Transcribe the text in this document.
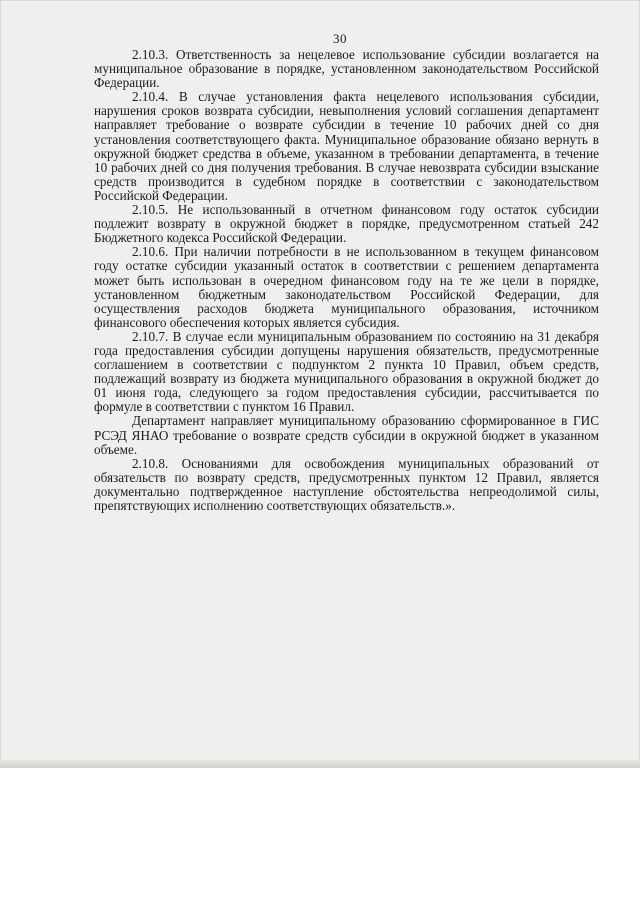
30

2.10.3. Ответственность за нецелевое использование субсидии возлагается на муниципальное образование в порядке, установленном законодательством Российской Федерации.

2.10.4. В случае установления факта нецелевого использования субсидии, нарушения сроков возврата субсидии, невыполнения условий соглашения департамент направляет требование о возврате субсидии в течение 10 рабочих дней со дня установления соответствующего факта. Муниципальное образование обязано вернуть в окружной бюджет средства в объеме, указанном в требовании департамента, в течение 10 рабочих дней со дня получения требования. В случае невозврата субсидии взыскание средств производится в судебном порядке в соответствии с законодательством Российской Федерации.

2.10.5. Не использованный в отчетном финансовом году остаток субсидии подлежит возврату в окружной бюджет в порядке, предусмотренном статьей 242 Бюджетного кодекса Российской Федерации.

2.10.6. При наличии потребности в не использованном в текущем финансовом году остатке субсидии указанный остаток в соответствии с решением департамента может быть использован в очередном финансовом году на те же цели в порядке, установленном бюджетным законодательством Российской Федерации, для осуществления расходов бюджета муниципального образования, источником финансового обеспечения которых является субсидия.

2.10.7. В случае если муниципальным образованием по состоянию на 31 декабря года предоставления субсидии допущены нарушения обязательств, предусмотренные соглашением в соответствии с подпунктом 2 пункта 10 Правил, объем средств, подлежащий возврату из бюджета муниципального образования в окружной бюджет до 01 июня года, следующего за годом предоставления субсидии, рассчитывается по формуле в соответствии с пунктом 16 Правил.

Департамент направляет муниципальному образованию сформированное в ГИС РСЭД ЯНАО требование о возврате средств субсидии в окружной бюджет в указанном объеме.

2.10.8. Основаниями для освобождения муниципальных образований от обязательств по возврату средств, предусмотренных пунктом 12 Правил, является документально подтвержденное наступление обстоятельства непреодолимой силы, препятствующих исполнению соответствующих обязательств.».
